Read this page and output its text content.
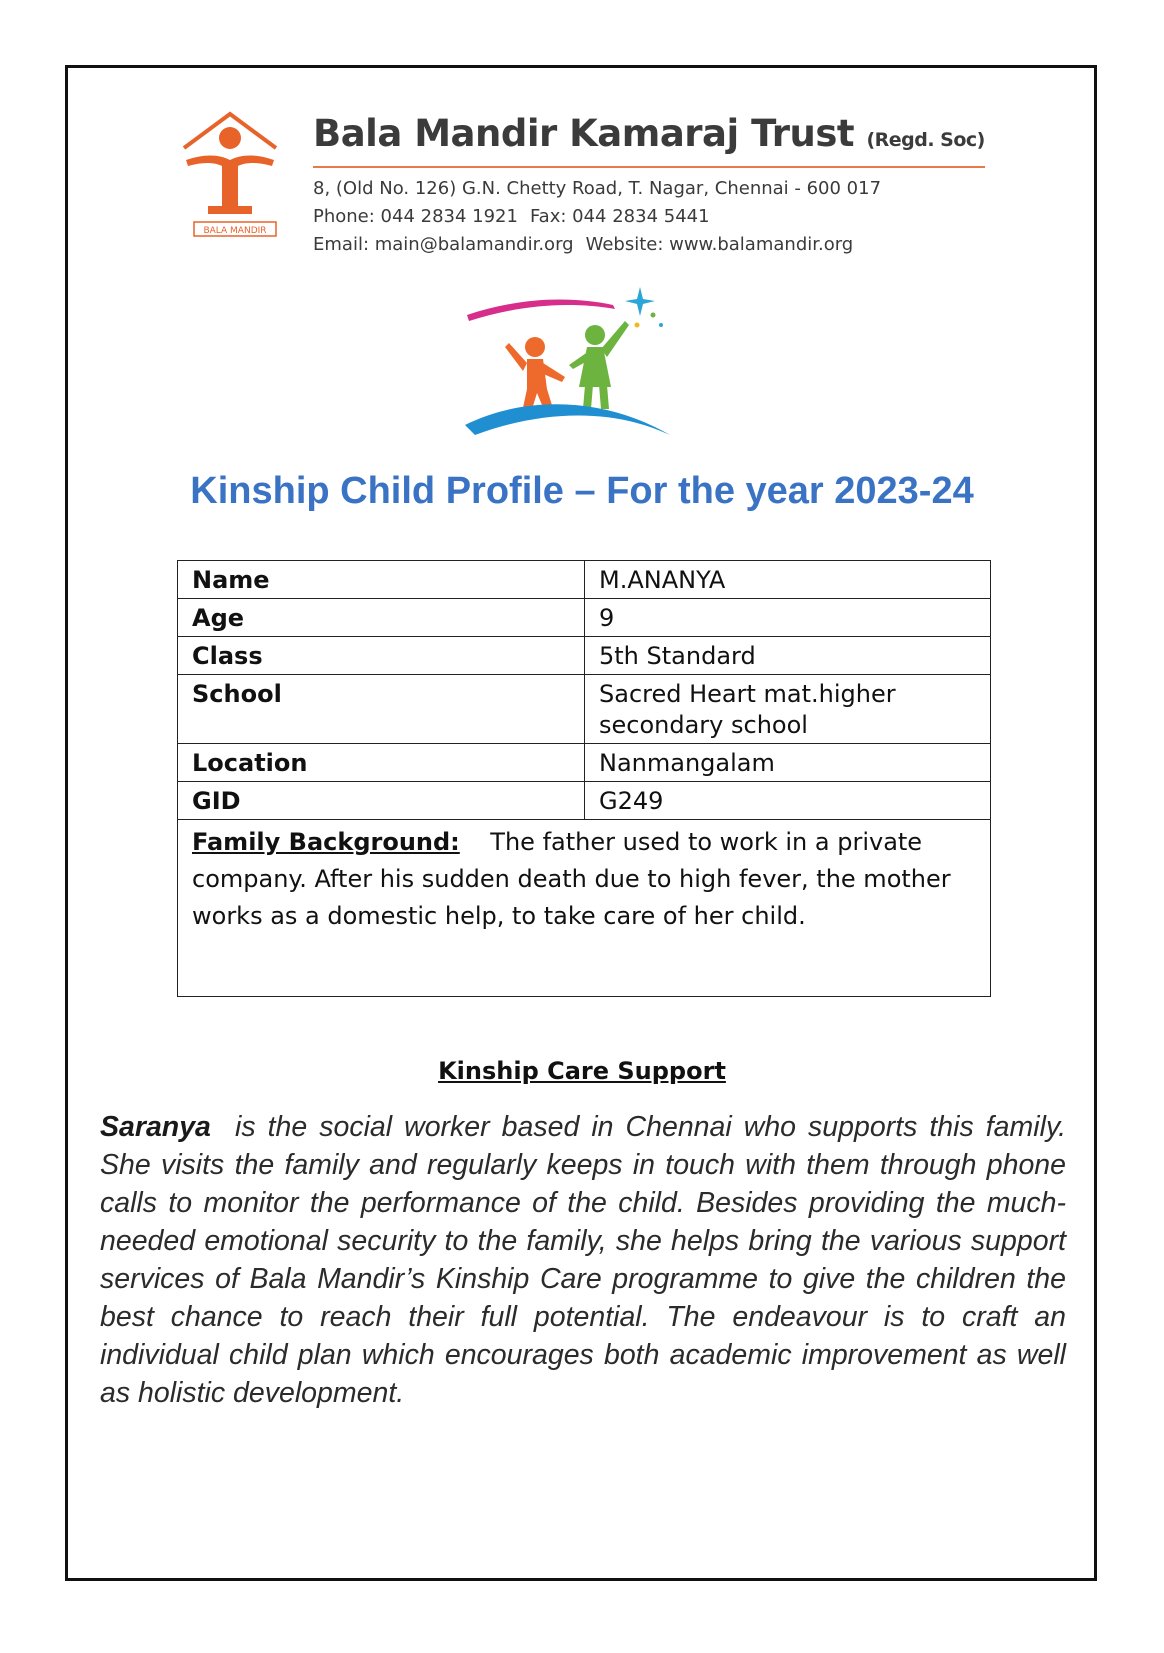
BALA MANDIR
Bala Mandir Kamaraj Trust (Regd. Soc)
8, (Old No. 126) G.N. Chetty Road, T. Nagar, Chennai - 600 017
Phone: 044 2834 1921 Fax: 044 2834 5441
Email: main@balamandir.org Website: www.balamandir.org
Kinship Child Profile – For the year 2023-24
Name	M.ANANYA
Age	9
Class	5th Standard
School	Sacred Heart mat.higher secondary school
Location	Nanmangalam
GID	G249
Family Background: The father used to work in a private company. After his sudden death due to high fever, the mother works as a domestic help, to take care of her child.	
Kinship Care Support

Saranya is the social worker based in Chennai who supports this family. She visits the family and regularly keeps in touch with them through phone calls to monitor the performance of the child. Besides providing the much-needed emotional security to the family, she helps bring the various support services of Bala Mandir’s Kinship Care programme to give the children the best chance to reach their full potential. The endeavour is to craft an individual child plan which encourages both academic improvement as well as holistic development.
